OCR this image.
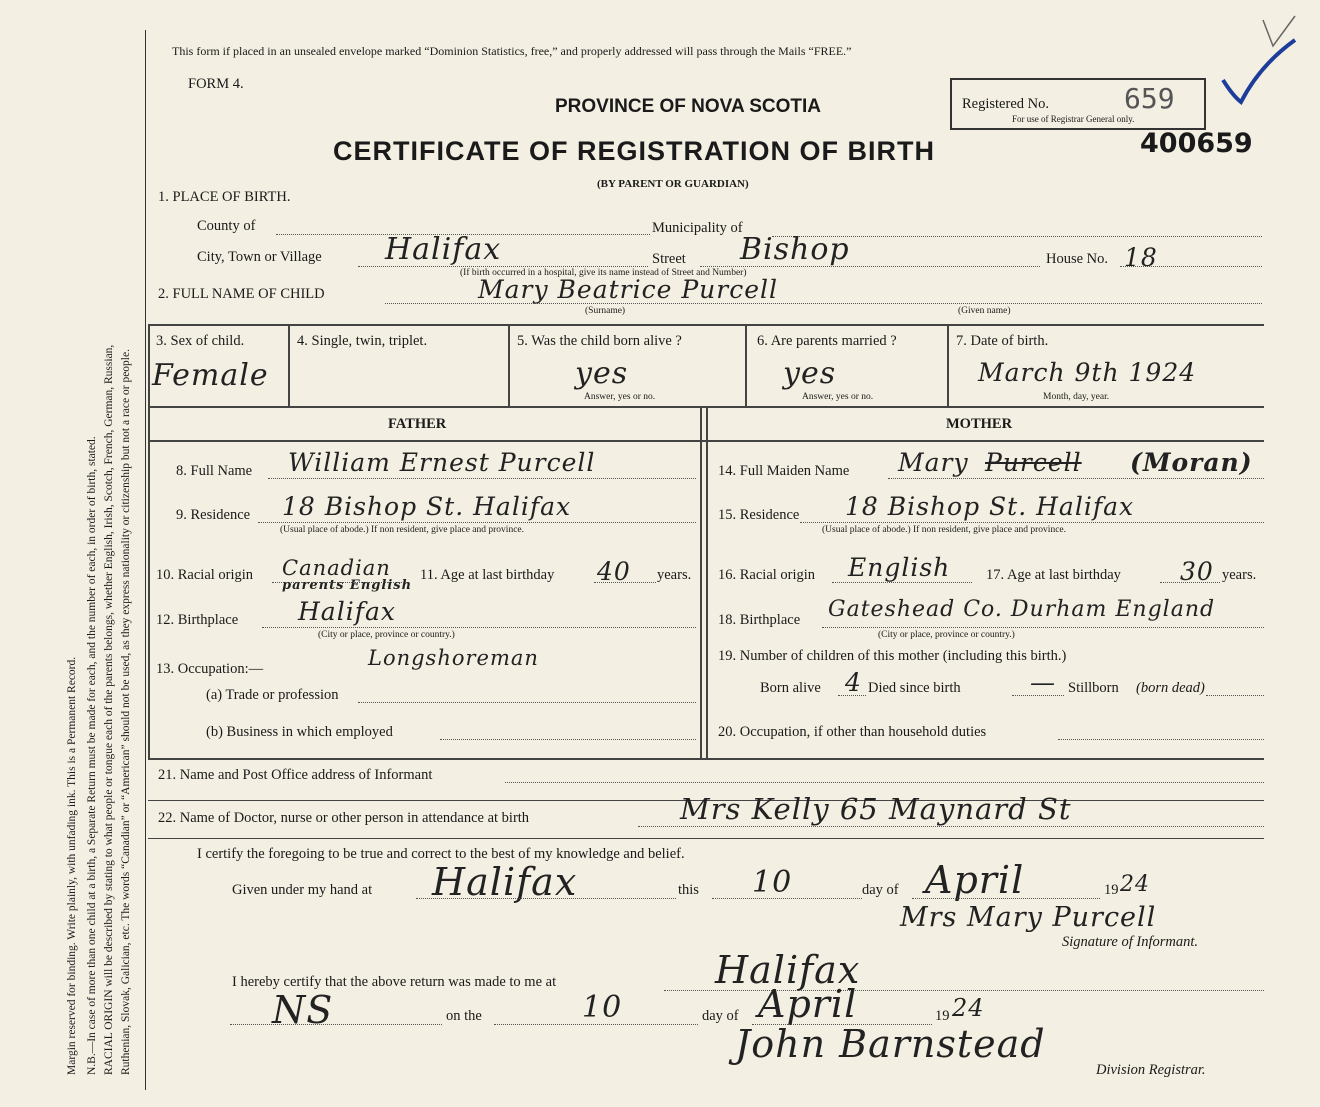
Margin reserved for binding. Write plainly, with unfading ink. This is a Permanent Record. N.B.—In case of more than one child at a birth, a Separate Return must be made for each, and the number of each, in order of birth, stated. RACIAL ORIGIN will be described by stating to what people or tongue each of the parents belongs, whether English, Irish, Scotch, French, German, Russian, Ruthenian, Slovak, Galician, etc. The words “Canadian” or “American” should not be used, as they express nationality or citizenship but not a race or people.
This form if placed in an unsealed envelope marked “Dominion Statistics, free,” and properly addressed will pass through the Mails “FREE.”
FORM 4.
PROVINCE OF NOVA SCOTIA
CERTIFICATE OF REGISTRATION OF BIRTH
(BY PARENT OR GUARDIAN)
Registered No.	659
For use of Registrar General only.
400659
1. PLACE OF BIRTH.
County of	Municipality of
City, Town or Village Halifax	Street Bishop
(If birth occurred in a hospital, give its name instead of Street and Number)
House No. 18
2. FULL NAME OF CHILD	Mary Beatrice Purcell
(Surname)	(Given name)
3. Sex of child.
Female
4. Single, twin, triplet.	5. Was the child born alive ?
yes
Answer, yes or no.
6. Are parents married ?
yes
Answer, yes or no.
7. Date of birth.
March 9th 1924
Month, day, year.
FATHER	MOTHER
8. Full Name William Ernest Purcell
9. Residence 18 Bishop St. Halifax
(Usual place of abode.) If non resident, give place and province.
10. Racial origin Canadian
parents English
11. Age at last birthday 40 years.
12. Birthplace Halifax
(City or place, province or country.)
13. Occupation:—	Longshoreman
(a) Trade or profession
(b) Business in which employed
14. Full Maiden Name Mary Purcell (Moran)
15. Residence 18 Bishop St. Halifax
(Usual place of abode.) If non resident, give place and province.
16. Racial origin English 17. Age at last birthday 30 years.
18. Birthplace Gateshead Co. Durham England
(City or place, province or country.)
19. Number of children of this mother (including this birth.)
Born alive 4 Died since birth	— Stillborn (born dead)
20. Occupation, if other than household duties
21. Name and Post Office address of Informant
22. Name of Doctor, nurse or other person in attendance at birth	Mrs Kelly 65 Maynard St
I certify the foregoing to be true and correct to the best of my knowledge and belief.
Given under my hand at Halifax	this 10	day of April	19 24
Mrs Mary Purcell
Signature of Informant.
I hereby certify that the above return was made to me at	Halifax
NS	on the	10	day of April	19 24
John Barnstead
Division Registrar.
